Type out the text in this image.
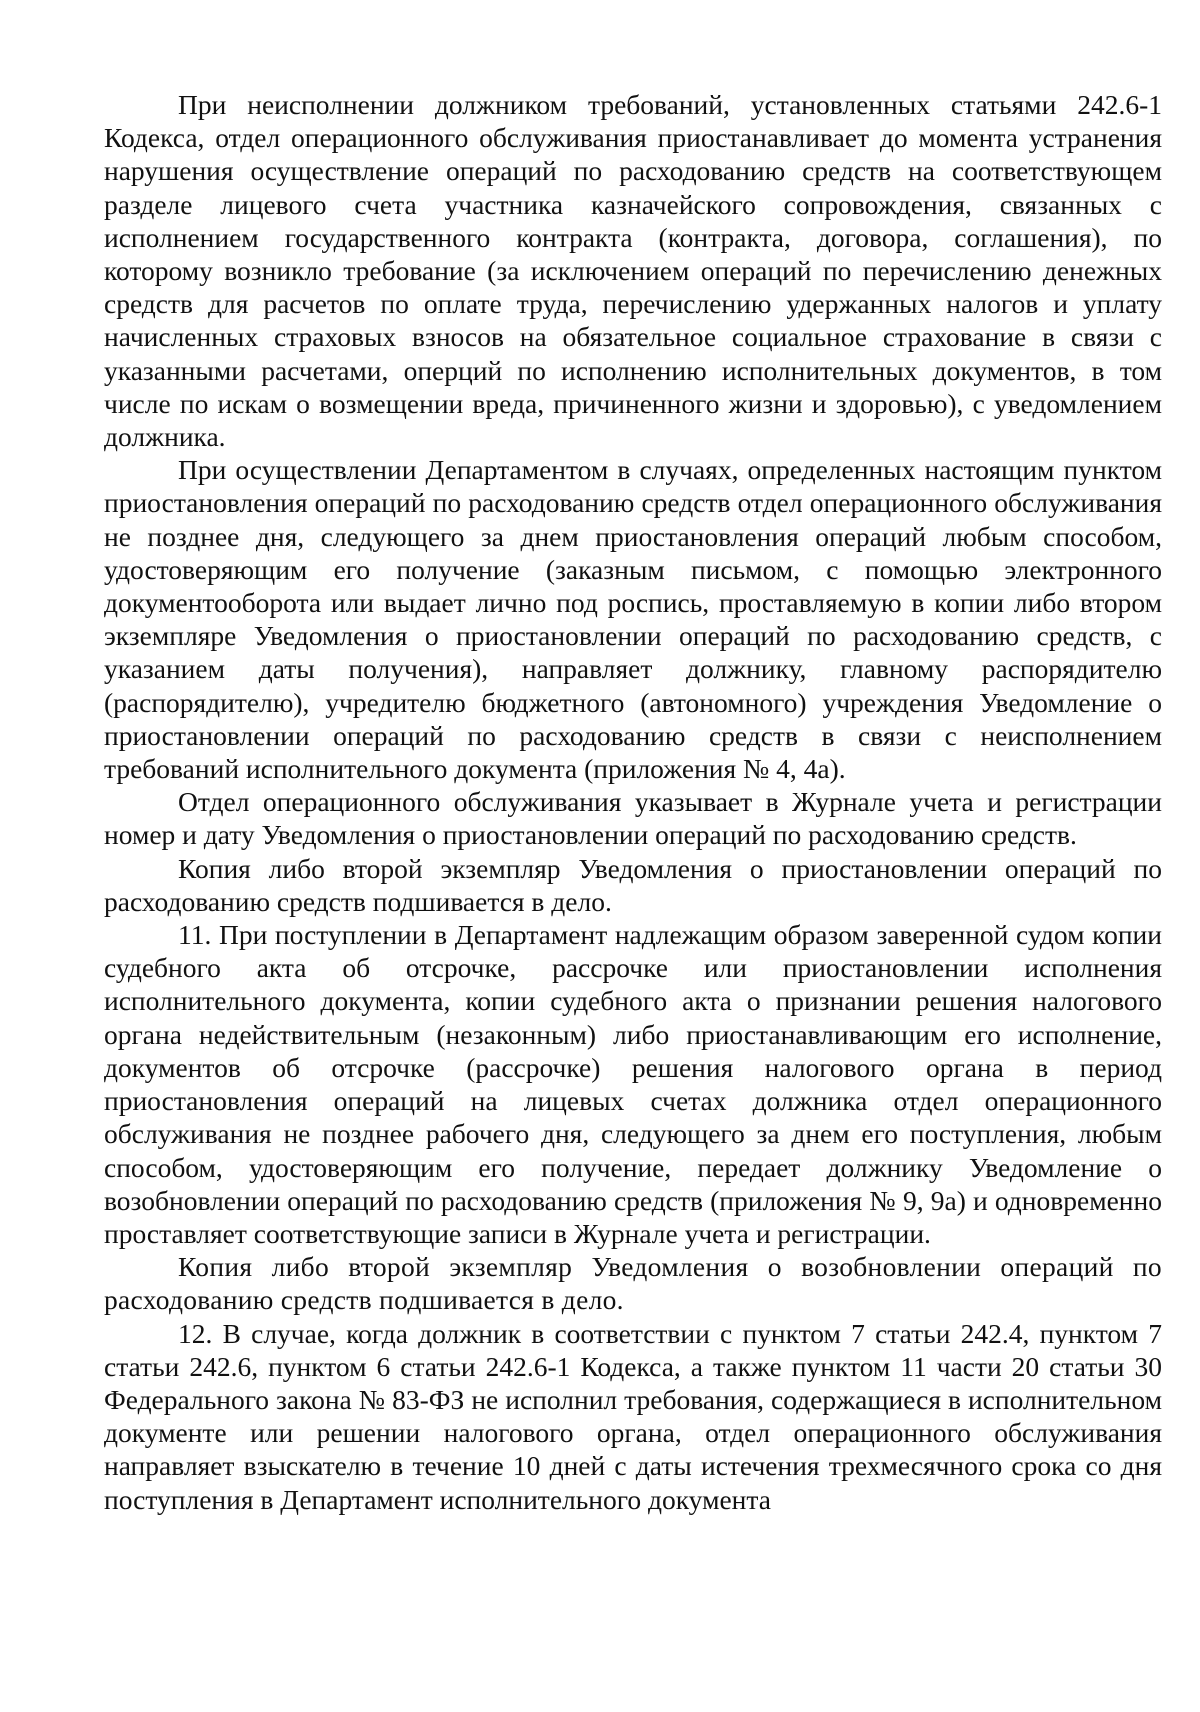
При неисполнении должником требований, установленных статьями 242.6-1 Кодекса, отдел операционного обслуживания приостанавливает до момента устранения нарушения осуществление операций по расходованию средств на соответствующем разделе лицевого счета участника казначейского сопровождения, связанных с исполнением государственного контракта (контракта, договора, соглашения), по которому возникло требование (за исключением операций по перечислению денежных средств для расчетов по оплате труда, перечислению удержанных налогов и уплату начисленных страховых взносов на обязательное социальное страхование в связи с указанными расчетами, оперций по исполнению исполнительных документов, в том числе по искам о возмещении вреда, причиненного жизни и здоровью), с уведомлением должника.

При осуществлении Департаментом в случаях, определенных настоящим пунктом приостановления операций по расходованию средств отдел операционного обслуживания не позднее дня, следующего за днем приостановления операций любым способом, удостоверяющим его получение (заказным письмом, с помощью электронного документооборота или выдает лично под роспись, проставляемую в копии либо втором экземпляре Уведомления о приостановлении операций по расходованию средств, с указанием даты получения), направляет должнику, главному распорядителю (распорядителю), учредителю бюджетного (автономного) учреждения Уведомление о приостановлении операций по расходованию средств в связи с неисполнением требований исполнительного документа (приложения № 4, 4а).

Отдел операционного обслуживания указывает в Журнале учета и регистрации номер и дату Уведомления о приостановлении операций по расходованию средств.

Копия либо второй экземпляр Уведомления о приостановлении операций по расходованию средств подшивается в дело.

11. При поступлении в Департамент надлежащим образом заверенной судом копии судебного акта об отсрочке, рассрочке или приостановлении исполнения исполнительного документа, копии судебного акта о признании решения налогового органа недействительным (незаконным) либо приостанавливающим его исполнение, документов об отсрочке (рассрочке) решения налогового органа в период приостановления операций на лицевых счетах должника отдел операционного обслуживания не позднее рабочего дня, следующего за днем его поступления, любым способом, удостоверяющим его получение, передает должнику Уведомление о возобновлении операций по расходованию средств (приложения № 9, 9а) и одновременно проставляет соответствующие записи в Журнале учета и регистрации.

Копия либо второй экземпляр Уведомления о возобновлении операций по расходованию средств подшивается в дело.

12. В случае, когда должник в соответствии с пунктом 7 статьи 242.4, пунктом 7 статьи 242.6, пунктом 6 статьи 242.6-1 Кодекса, а также пунктом 11 части 20 статьи 30 Федерального закона № 83-ФЗ не исполнил требования, содержащиеся в исполнительном документе или решении налогового органа, отдел операционного обслуживания направляет взыскателю в течение 10 дней с даты истечения трехмесячного срока со дня поступления в Департамент исполнительного документа
